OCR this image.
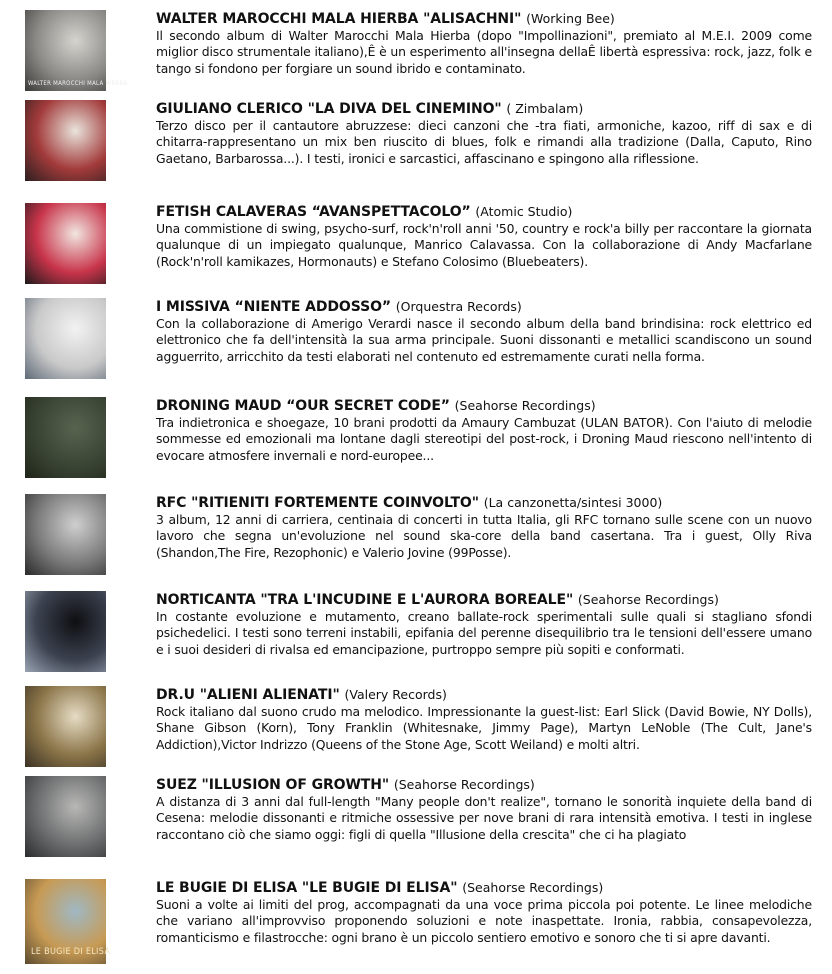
WALTER MAROCCHI MALA HIERBA
WALTER MAROCCHI MALA HIERBA "ALISACHNI" (Working Bee)
Il secondo album di Walter Marocchi Mala Hierba (dopo "Impollinazioni", premiato al M.E.I. 2009 come miglior disco strumentale italiano),Ê è un esperimento all'insegna dellaÊ libertà espressiva: rock, jazz, folk e tango si fondono per forgiare un sound ibrido e contaminato.
GIULIANO CLERICO "LA DIVA DEL CINEMINO" ( Zimbalam)
Terzo disco per il cantautore abruzzese: dieci canzoni che -tra fiati, armoniche, kazoo, riff di sax e di chitarra-rappresentano un mix ben riuscito di blues, folk e rimandi alla tradizione (Dalla, Caputo, Rino Gaetano, Barbarossa...). I testi, ironici e sarcastici, affascinano e spingono alla riflessione.
FETISH CALAVERAS “AVANSPETTACOLO” (Atomic Studio)
Una commistione di swing, psycho-surf, rock'n'roll anni '50, country e rock'a billy per raccontare la giornata qualunque di un impiegato qualunque, Manrico Calavassa. Con la collaborazione di Andy Macfarlane (Rock'n'roll kamikazes, Hormonauts) e Stefano Colosimo (Bluebeaters).
I MISSIVA “NIENTE ADDOSSO” (Orquestra Records)
Con la collaborazione di Amerigo Verardi nasce il secondo album della band brindisina: rock elettrico ed elettronico che fa dell'intensità la sua arma principale. Suoni dissonanti e metallici scandiscono un sound agguerrito, arricchito da testi elaborati nel contenuto ed estremamente curati nella forma.
DRONING MAUD “OUR SECRET CODE” (Seahorse Recordings)
Tra indietronica e shoegaze, 10 brani prodotti da Amaury Cambuzat (ULAN BATOR). Con l'aiuto di melodie sommesse ed emozionali ma lontane dagli stereotipi del post-rock, i Droning Maud riescono nell'intento di evocare atmosfere invernali e nord-europee...
RFC "RITIENITI FORTEMENTE COINVOLTO" (La canzonetta/sintesi 3000)
3 album, 12 anni di carriera, centinaia di concerti in tutta Italia, gli RFC tornano sulle scene con un nuovo lavoro che segna un'evoluzione nel sound ska-core della band casertana. Tra i guest, Olly Riva (Shandon,The Fire, Rezophonic) e Valerio Jovine (99Posse).
NORTICANTA "TRA L'INCUDINE E L'AURORA BOREALE" (Seahorse Recordings)
In costante evoluzione e mutamento, creano ballate-rock sperimentali sulle quali si stagliano sfondi psichedelici. I testi sono terreni instabili, epifania del perenne disequilibrio tra le tensioni dell'essere umano e i suoi desideri di rivalsa ed emancipazione, purtroppo sempre più sopiti e conformati.
DR.U "ALIENI ALIENATI" (Valery Records)
Rock italiano dal suono crudo ma melodico. Impressionante la guest-list: Earl Slick (David Bowie, NY Dolls), Shane Gibson (Korn), Tony Franklin (Whitesnake, Jimmy Page), Martyn LeNoble (The Cult, Jane's Addiction),Victor Indrizzo (Queens of the Stone Age, Scott Weiland) e molti altri.
SUEZ "ILLUSION OF GROWTH" (Seahorse Recordings)
A distanza di 3 anni dal full-length "Many people don't realize", tornano le sonorità inquiete della band di Cesena: melodie dissonanti e ritmiche ossessive per nove brani di rara intensità emotiva. I testi in inglese raccontano ciò che siamo oggi: figli di quella "Illusione della crescita" che ci ha plagiato
LE BUGIE DI ELISA
LE BUGIE DI ELISA "LE BUGIE DI ELISA" (Seahorse Recordings)
Suoni a volte ai limiti del prog, accompagnati da una voce prima piccola poi potente. Le linee melodiche che variano all'improvviso proponendo soluzioni e note inaspettate. Ironia, rabbia, consapevolezza, romanticismo e filastrocche: ogni brano è un piccolo sentiero emotivo e sonoro che ti si apre davanti.
